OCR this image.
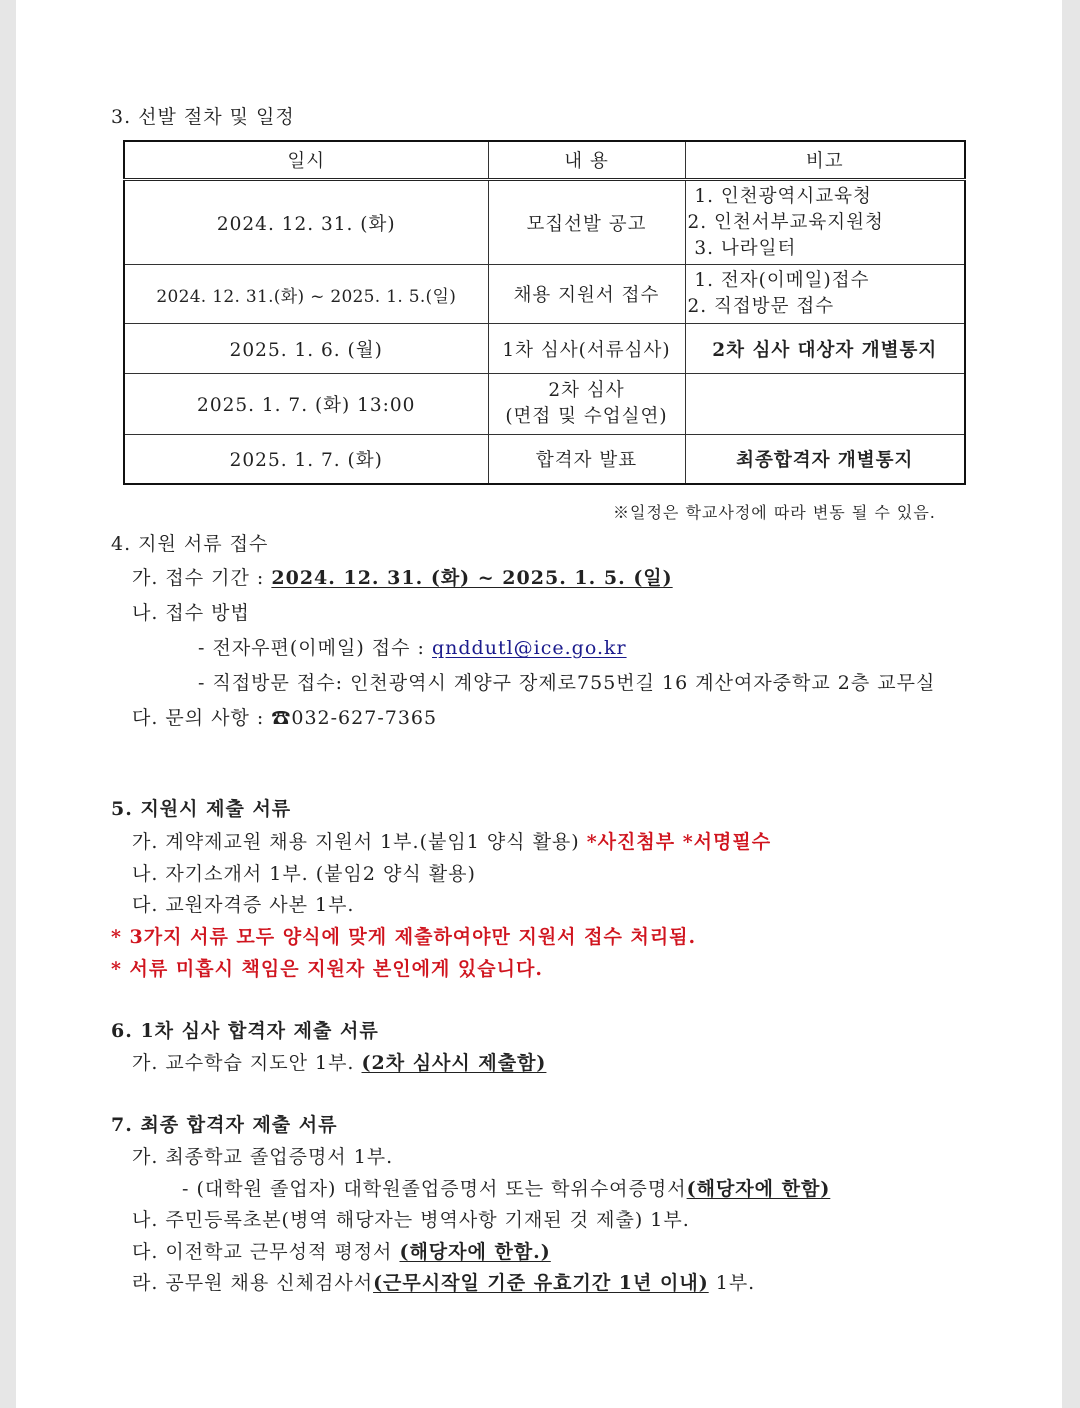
3. 선발 절차 및 일정
일시	내 용	비고
2024. 12. 31. (화)	모집선발 공고	1. 인천광역시교육청
2. 인천서부교육지원청
3. 나라일터

2024. 12. 31.(화) ~ 2025. 1. 5.(일)	채용 지원서 접수	1. 전자(이메일)접수
2. 직접방문 접수

2025. 1. 6. (월)	1차 심사(서류심사)	2차 심사 대상자 개별통지
2025. 1. 7. (화) 13:00	2차 심사
(면접 및 수업실연)	

2025. 1. 7. (화)	합격자 발표	최종합격자 개별통지
※일정은 학교사정에 따라 변동 될 수 있음.
4. 지원 서류 접수
가. 접수 기간 : 2024. 12. 31. (화) ~ 2025. 1. 5. (일)
나. 접수 방법
- 전자우편(이메일) 접수 : qnddutl@ice.go.kr
- 직접방문 접수: 인천광역시 계양구 장제로755번길 16 계산여자중학교 2층 교무실
다. 문의 사항 : ☎032-627-7365
5. 지원시 제출 서류
가. 계약제교원 채용 지원서 1부.(붙임1 양식 활용) *사진첨부 *서명필수
나. 자기소개서 1부. (붙임2 양식 활용)
다. 교원자격증 사본 1부.
* 3가지 서류 모두 양식에 맞게 제출하여야만 지원서 접수 처리됨.
* 서류 미흡시 책임은 지원자 본인에게 있습니다.
6. 1차 심사 합격자 제출 서류
가. 교수학습 지도안 1부. (2차 심사시 제출함)
7. 최종 합격자 제출 서류
가. 최종학교 졸업증명서 1부.
- (대학원 졸업자) 대학원졸업증명서 또는 학위수여증명서(해당자에 한함)
나. 주민등록초본(병역 해당자는 병역사항 기재된 것 제출) 1부.
다. 이전학교 근무성적 평정서 (해당자에 한함.)
라. 공무원 채용 신체검사서(근무시작일 기준 유효기간 1년 이내) 1부.
